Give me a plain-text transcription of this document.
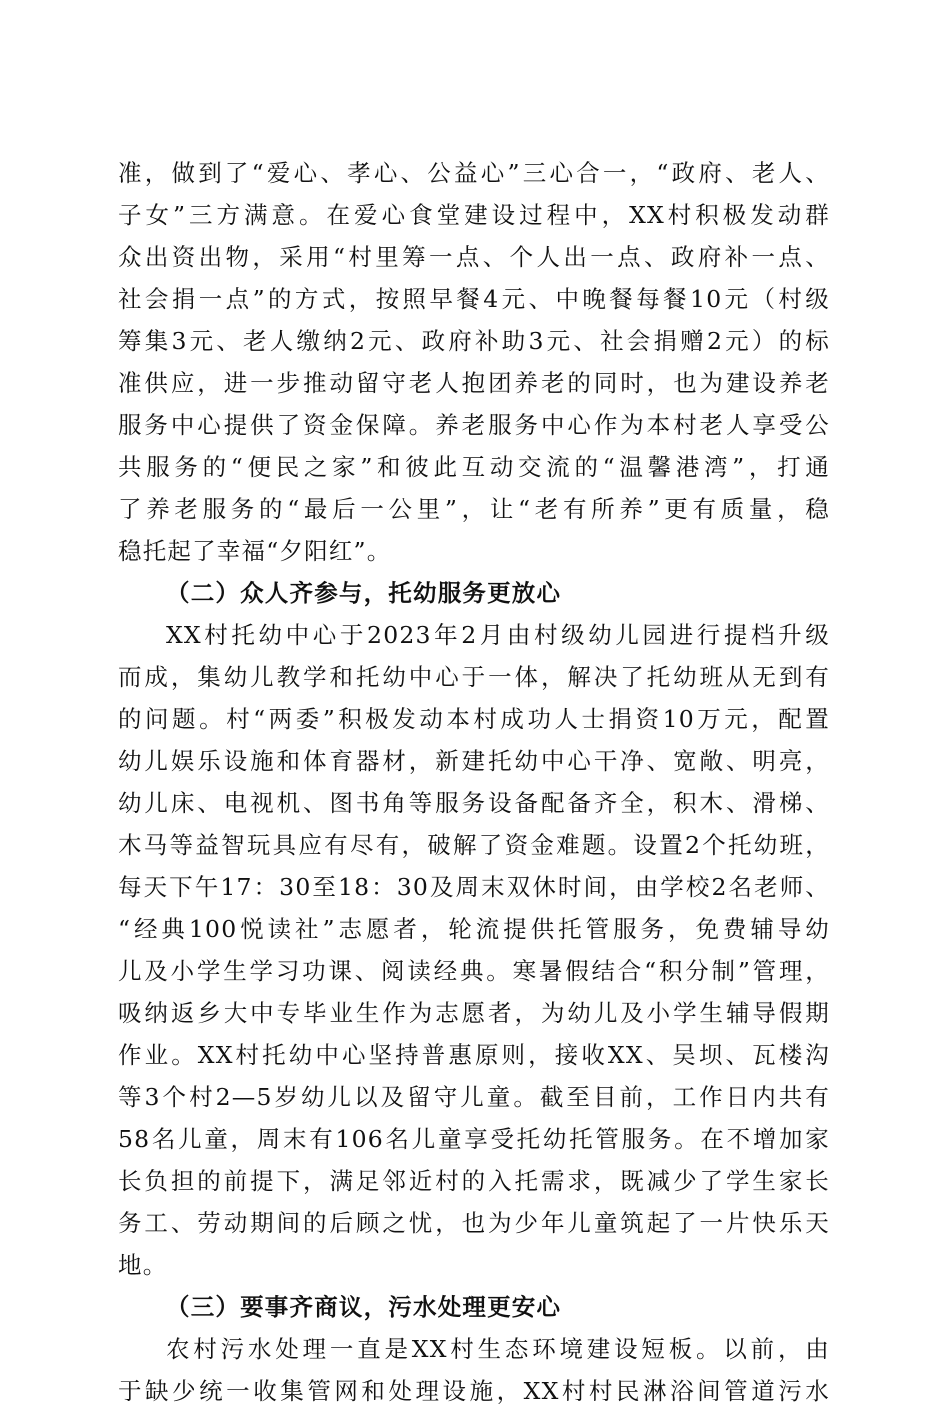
准，做到了“爱心、孝心、公益心”三心合一，“政府、老人、
子女”三方满意。在爱心食堂建设过程中，XX村积极发动群
众出资出物，采用“村里筹一点、个人出一点、政府补一点、
社会捐一点”的方式，按照早餐4元、中晚餐每餐10元（村级
筹集3元、老人缴纳2元、政府补助3元、社会捐赠2元）的标
准供应，进一步推动留守老人抱团养老的同时，也为建设养老
服务中心提供了资金保障。养老服务中心作为本村老人享受公
共服务的“便民之家”和彼此互动交流的“温馨港湾”，打通
了养老服务的“最后一公里”，让“老有所养”更有质量，稳
稳托起了幸福“夕阳红”。
（二）众人齐参与，托幼服务更放心
XX村托幼中心于2023年2月由村级幼儿园进行提档升级
而成，集幼儿教学和托幼中心于一体，解决了托幼班从无到有
的问题。村“两委”积极发动本村成功人士捐资10万元，配置
幼儿娱乐设施和体育器材，新建托幼中心干净、宽敞、明亮，
幼儿床、电视机、图书角等服务设备配备齐全，积木、滑梯、
木马等益智玩具应有尽有，破解了资金难题。设置2个托幼班，
每天下午17：30至18：30及周末双休时间，由学校2名老师、
“经典100悦读社”志愿者，轮流提供托管服务，免费辅导幼
儿及小学生学习功课、阅读经典。寒暑假结合“积分制”管理，
吸纳返乡大中专毕业生作为志愿者，为幼儿及小学生辅导假期
作业。XX村托幼中心坚持普惠原则，接收XX、吴坝、瓦楼沟
等3个村2—5岁幼儿以及留守儿童。截至目前，工作日内共有
58名儿童，周末有106名儿童享受托幼托管服务。在不增加家
长负担的前提下，满足邻近村的入托需求，既减少了学生家长
务工、劳动期间的后顾之忧，也为少年儿童筑起了一片快乐天
地。
（三）要事齐商议，污水处理更安心
农村污水处理一直是XX村生态环境建设短板。以前，由
于缺少统一收集管网和处理设施，XX村村民淋浴间管道污水
